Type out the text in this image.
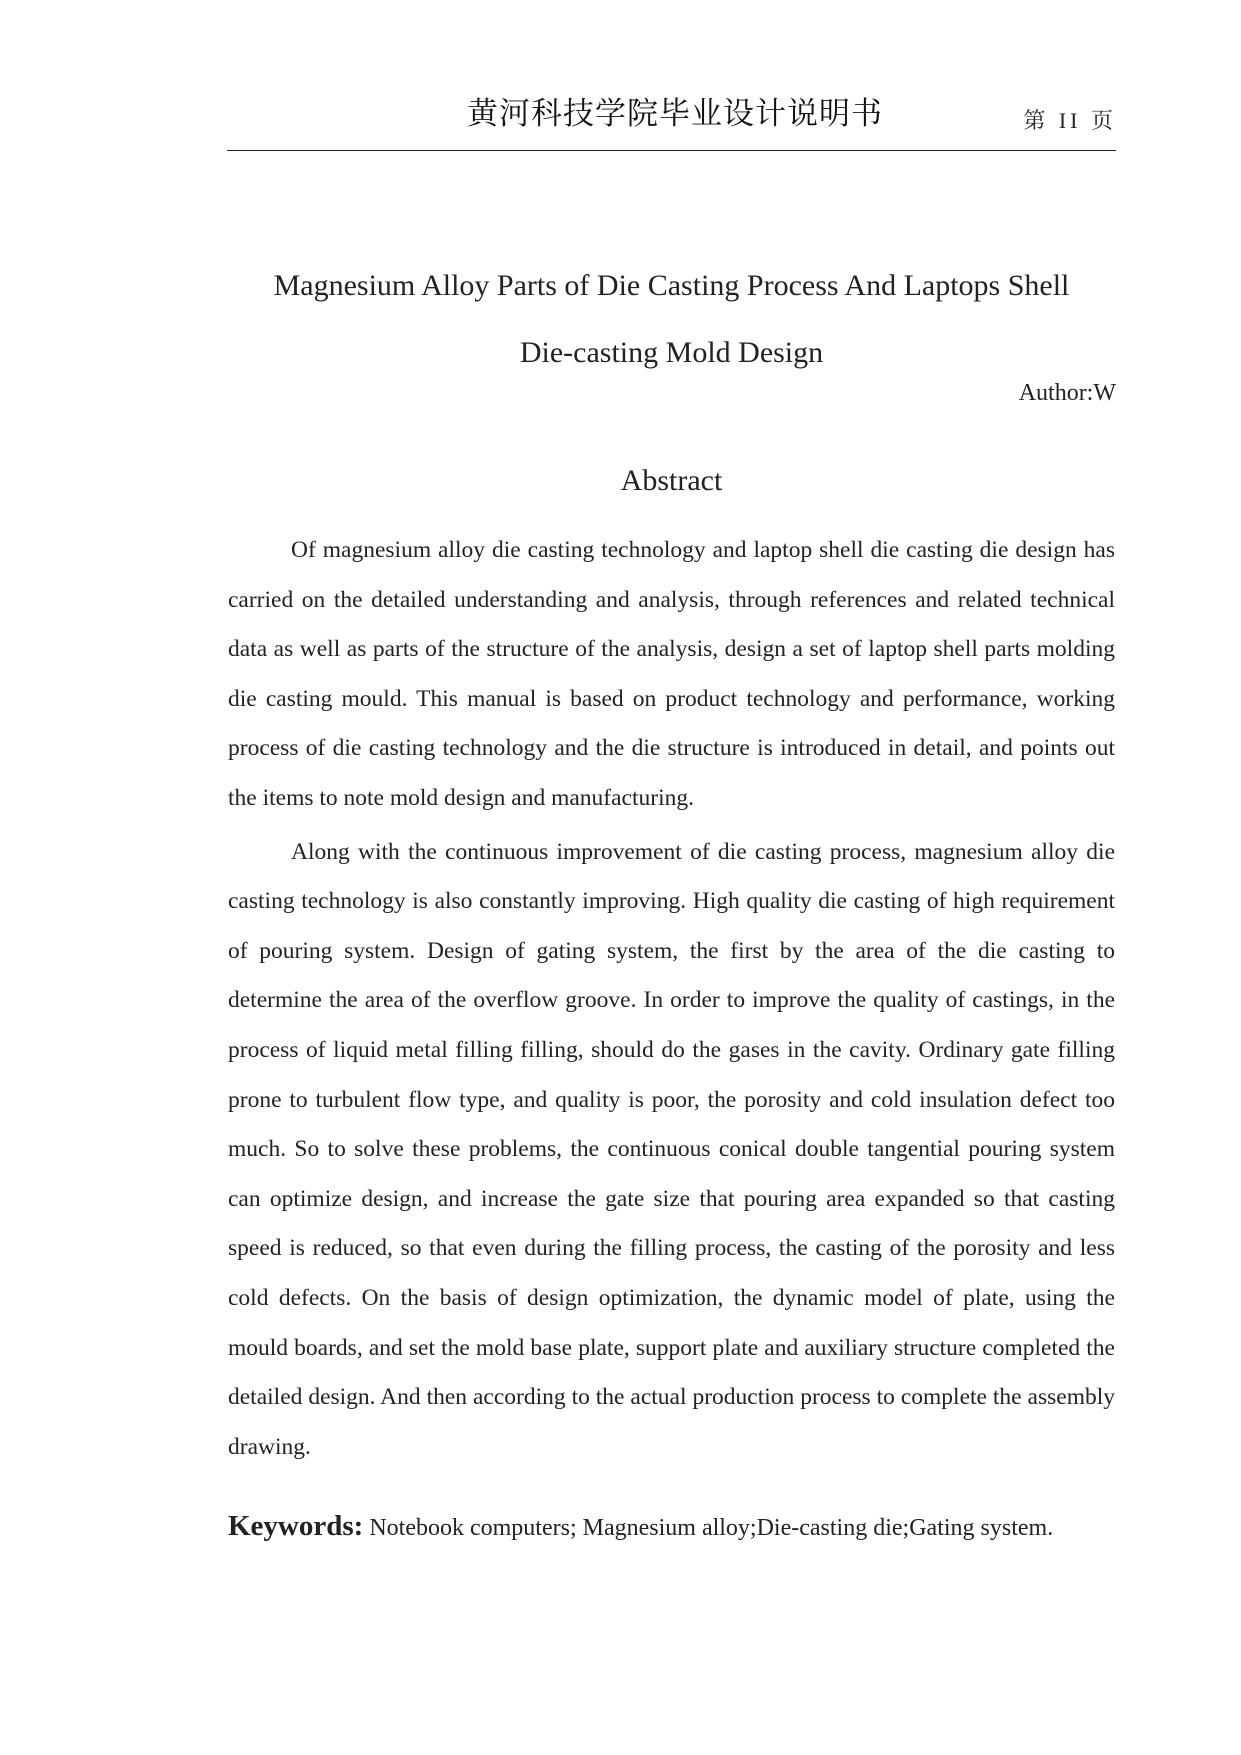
黄河科技学院毕业设计说明书	第 II 页
Magnesium Alloy Parts of Die Casting Process And Laptops Shell
Die-casting Mold Design
Author:W
Abstract

Of magnesium alloy die casting technology and laptop shell die casting die design has carried on the detailed understanding and analysis, through references and related technical data as well as parts of the structure of the analysis, design a set of laptop shell parts molding die casting mould. This manual is based on product technology and performance, working process of die casting technology and the die structure is introduced in detail, and points out the items to note mold design and manufacturing.

Along with the continuous improvement of die casting process, magnesium alloy die casting technology is also constantly improving. High quality die casting of high requirement of pouring system. Design of gating system, the first by the area of the die casting to determine the area of the overflow groove. In order to improve the quality of castings, in the process of liquid metal filling filling, should do the gases in the cavity. Ordinary gate filling prone to turbulent flow type, and quality is poor, the porosity and cold insulation defect too much. So to solve these problems, the continuous conical double tangential pouring system can optimize design, and increase the gate size that pouring area expanded so that casting speed is reduced, so that even during the filling process, the casting of the porosity and less cold defects. On the basis of design optimization, the dynamic model of plate, using the mould boards, and set the mold base plate, support plate and auxiliary structure completed the detailed design. And then according to the actual production process to complete the assembly drawing.

Keywords: Notebook computers; Magnesium alloy;Die-casting die;Gating system.
